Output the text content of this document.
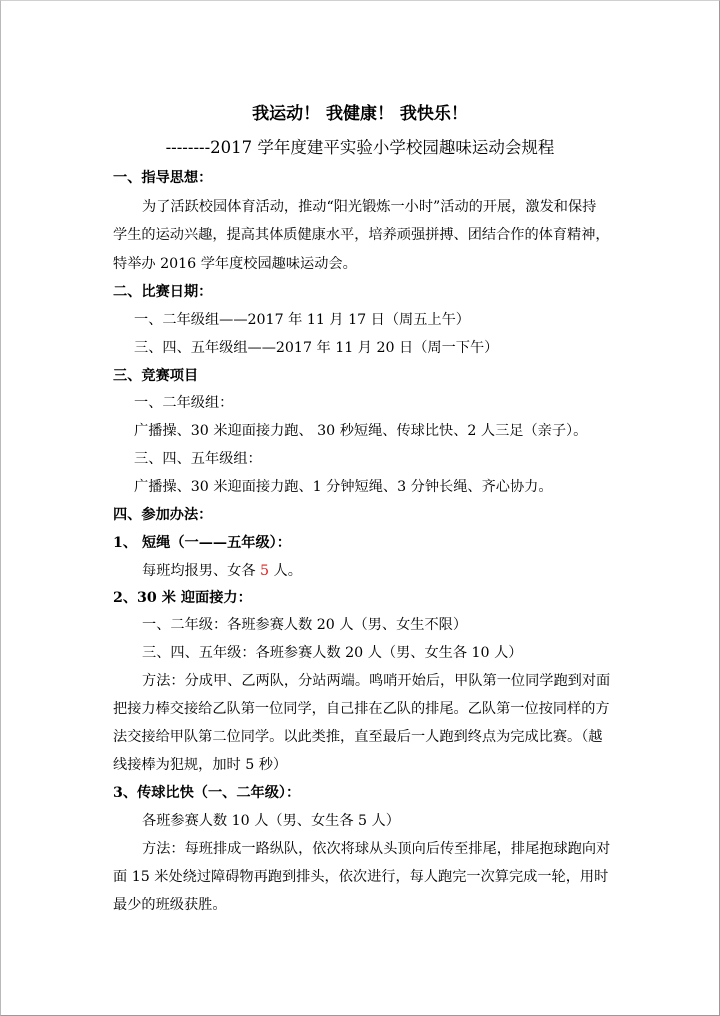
我运动！ 我健康！ 我快乐！
--------2017 学年度建平实验小学校园趣味运动会规程
一、指导思想：
为了活跃校园体育活动，推动“阳光锻炼一小时”活动的开展，激发和保持
学生的运动兴趣，提高其体质健康水平，培养顽强拼搏、团结合作的体育精神，
特举办 2016 学年度校园趣味运动会。
二、比赛日期：
一、二年级组——2017 年 11 月 17 日（周五上午）
三、四、五年级组——2017 年 11 月 20 日（周一下午）
三、竞赛项目
一、二年级组：
广播操、30 米迎面接力跑、 30 秒短绳、传球比快、2 人三足（亲子）。
三、四、五年级组：
广播操、30 米迎面接力跑、1 分钟短绳、3 分钟长绳、齐心协力。
四、参加办法：
1、 短绳（一——五年级）：
每班均报男、女各 5 人。
2、30 米 迎面接力：
一、二年级：各班参赛人数 20 人（男、女生不限）
三、四、五年级：各班参赛人数 20 人（男、女生各 10 人）
方法：分成甲、乙两队，分站两端。鸣哨开始后，甲队第一位同学跑到对面
把接力棒交接给乙队第一位同学，自己排在乙队的排尾。乙队第一位按同样的方
法交接给甲队第二位同学。以此类推，直至最后一人跑到终点为完成比赛。（越
线接棒为犯规，加时 5 秒）
3、传球比快（一、二年级）：
各班参赛人数 10 人（男、女生各 5 人）
方法：每班排成一路纵队，依次将球从头顶向后传至排尾，排尾抱球跑向对
面 15 米处绕过障碍物再跑到排头，依次进行，每人跑完一次算完成一轮，用时
最少的班级获胜。
